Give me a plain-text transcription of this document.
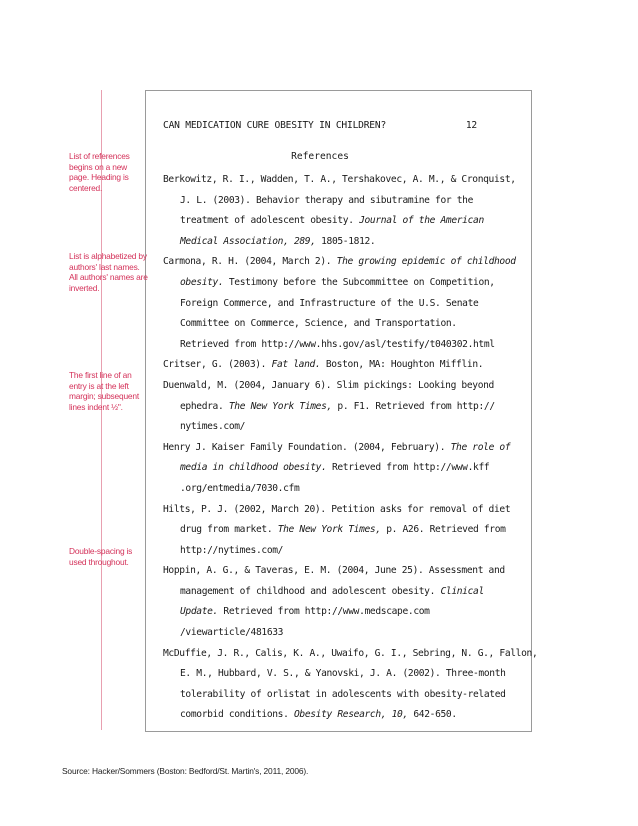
CAN MEDICATION CURE OBESITY IN CHILDREN?	12
References
Berkowitz, R. I., Wadden, T. A., Tershakovec, A. M., & Cronquist,
J. L. (2003). Behavior therapy and sibutramine for the
treatment of adolescent obesity. Journal of the American
Medical Association, 289, 1805-1812.
Carmona, R. H. (2004, March 2). The growing epidemic of childhood
obesity. Testimony before the Subcommittee on Competition,
Foreign Commerce, and Infrastructure of the U.S. Senate
Committee on Commerce, Science, and Transportation.
Retrieved from http://www.hhs.gov/asl/testify/t040302.html
Critser, G. (2003). Fat land. Boston, MA: Houghton Mifflin.
Duenwald, M. (2004, January 6). Slim pickings: Looking beyond
ephedra. The New York Times, p. F1. Retrieved from http://
nytimes.com/
Henry J. Kaiser Family Foundation. (2004, February). The role of
media in childhood obesity. Retrieved from http://www.kff
.org/entmedia/7030.cfm
Hilts, P. J. (2002, March 20). Petition asks for removal of diet
drug from market. The New York Times, p. A26. Retrieved from
http://nytimes.com/
Hoppin, A. G., & Taveras, E. M. (2004, June 25). Assessment and
management of childhood and adolescent obesity. Clinical
Update. Retrieved from http://www.medscape.com
/viewarticle/481633
McDuffie, J. R., Calis, K. A., Uwaifo, G. I., Sebring, N. G., Fallon,
E. M., Hubbard, V. S., & Yanovski, J. A. (2002). Three-month
tolerability of orlistat in adolescents with obesity-related
comorbid conditions. Obesity Research, 10, 642-650.
List of references begins on a new page. Heading is centered.
List is alphabetized by authors' last names. All authors' names are inverted.
The first line of an entry is at the left margin; subsequent lines indent ½".
Double-spacing is used throughout.
Source: Hacker/Sommers (Boston: Bedford/St. Martin's, 2011, 2006).
